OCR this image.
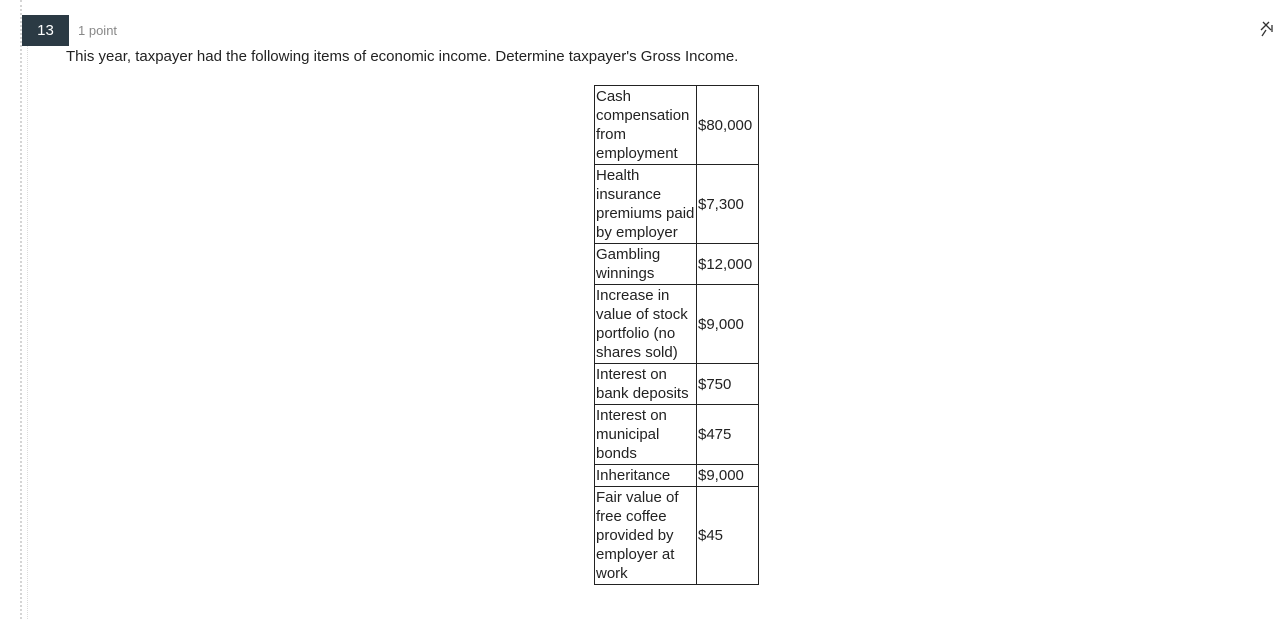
13	1 point
This year, taxpayer had the following items of economic income. Determine taxpayer's Gross Income.
Cash compensation from employment	$80,000
Health insurance premiums paid by employer	$7,300
Gambling winnings	$12,000
Increase in value of stock portfolio (no shares sold)	$9,000
Interest on bank deposits	$750
Interest on municipal bonds	$475
Inheritance	$9,000
Fair value of free coffee provided by employer at work	$45
